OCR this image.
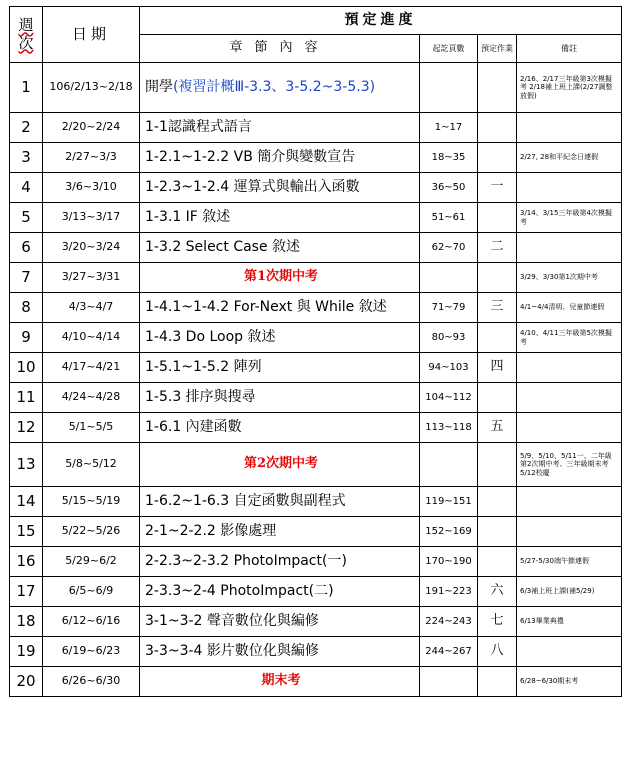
週次	日期	預定進度			
		章節內容	起訖頁數	預定作業	備註
1	106/2/13~2/18	開學(複習計概Ⅲ-3.3、3-5.2~3-5.3)			2/16、2/17三年級第3次模擬考 2/18補上班上課(2/27調整放假)
2	2/20~2/24	1-1認識程式語言	1~17		
3	2/27~3/3	1-2.1~1-2.2 VB 簡介與變數宣告	18~35		2/27, 28和平紀念日連假
4	3/6~3/10	1-2.3~1-2.4 運算式與輸出入函數	36~50	一	
5	3/13~3/17	1-3.1 IF 敘述	51~61		3/14、3/15三年級第4次模擬考
6	3/20~3/24	1-3.2 Select Case 敘述	62~70	二	
7	3/27~3/31	第1次期中考			3/29、3/30第1次期中考
8	4/3~4/7	1-4.1~1-4.2 For-Next 與 While 敘述	71~79	三	4/1~4/4清明、兒童節連假
9	4/10~4/14	1-4.3 Do Loop 敘述	80~93		4/10、4/11三年級第5次模擬考
10	4/17~4/21	1-5.1~1-5.2 陣列	94~103	四	
11	4/24~4/28	1-5.3 排序與搜尋	104~112		
12	5/1~5/5	1-6.1 內建函數	113~118	五	
13	5/8~5/12	第2次期中考			5/9、5/10、5/11一、二年級第2次期中考、三年級期末考 5/12校慶
14	5/15~5/19	1-6.2~1-6.3 自定函數與副程式	119~151		
15	5/22~5/26	2-1~2-2.2 影像處理	152~169		
16	5/29~6/2	2-2.3~2-3.2 PhotoImpact(一)	170~190		5/27-5/30端午節連假
17	6/5~6/9	2-3.3~2-4 PhotoImpact(二)	191~223	六	6/3補上班上課(補5/29)
18	6/12~6/16	3-1~3-2 聲音數位化與編修	224~243	七	6/13畢業典禮
19	6/19~6/23	3-3~3-4 影片數位化與編修	244~267	八	
20	6/26~6/30	期末考			6/28~6/30期末考
